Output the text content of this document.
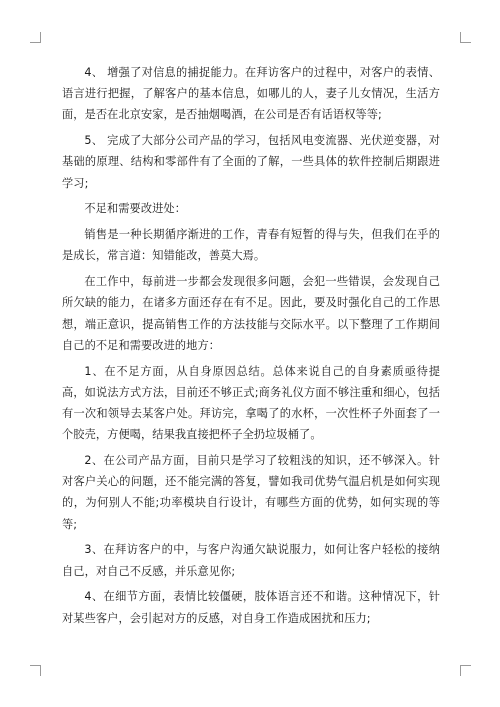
4、 增强了对信息的捕捉能力。在拜访客户的过程中，对客户的表情、语言进行把握，了解客户的基本信息，如哪儿的人，妻子儿女情况，生活方面，是否在北京安家，是否抽烟喝酒，在公司是否有话语权等等;

5、 完成了大部分公司产品的学习，包括风电变流器、光伏逆变器，对基础的原理、结构和零部件有了全面的了解，一些具体的软件控制后期跟进学习;

不足和需要改进处：

销售是一种长期循序渐进的工作，青春有短暂的得与失，但我们在乎的是成长，常言道：知错能改，善莫大焉。

在工作中，每前进一步都会发现很多问题，会犯一些错误，会发现自己所欠缺的能力，在诸多方面还存在有不足。因此，要及时强化自己的工作思想，端正意识，提高销售工作的方法技能与交际水平。以下整理了工作期间自己的不足和需要改进的地方：

1、在不足方面，从自身原因总结。总体来说自己的自身素质亟待提高，如说法方式方法，目前还不够正式;商务礼仪方面不够注重和细心，包括有一次和领导去某客户处。拜访完，拿喝了的水杯，一次性杯子外面套了一个胶壳，方便喝，结果我直接把杯子全扔垃圾桶了。

2、在公司产品方面，目前只是学习了较粗浅的知识，还不够深入。针对客户关心的问题，还不能完满的答复，譬如我司优势气温启机是如何实现的，为何别人不能;功率模块自行设计，有哪些方面的优势，如何实现的等等;

3、在拜访客户的中，与客户沟通欠缺说服力，如何让客户轻松的接纳自己，对自己不反感，并乐意见你;

4、在细节方面，表情比较僵硬，肢体语言还不和谐。这种情况下，针对某些客户，会引起对方的反感，对自身工作造成困扰和压力;
